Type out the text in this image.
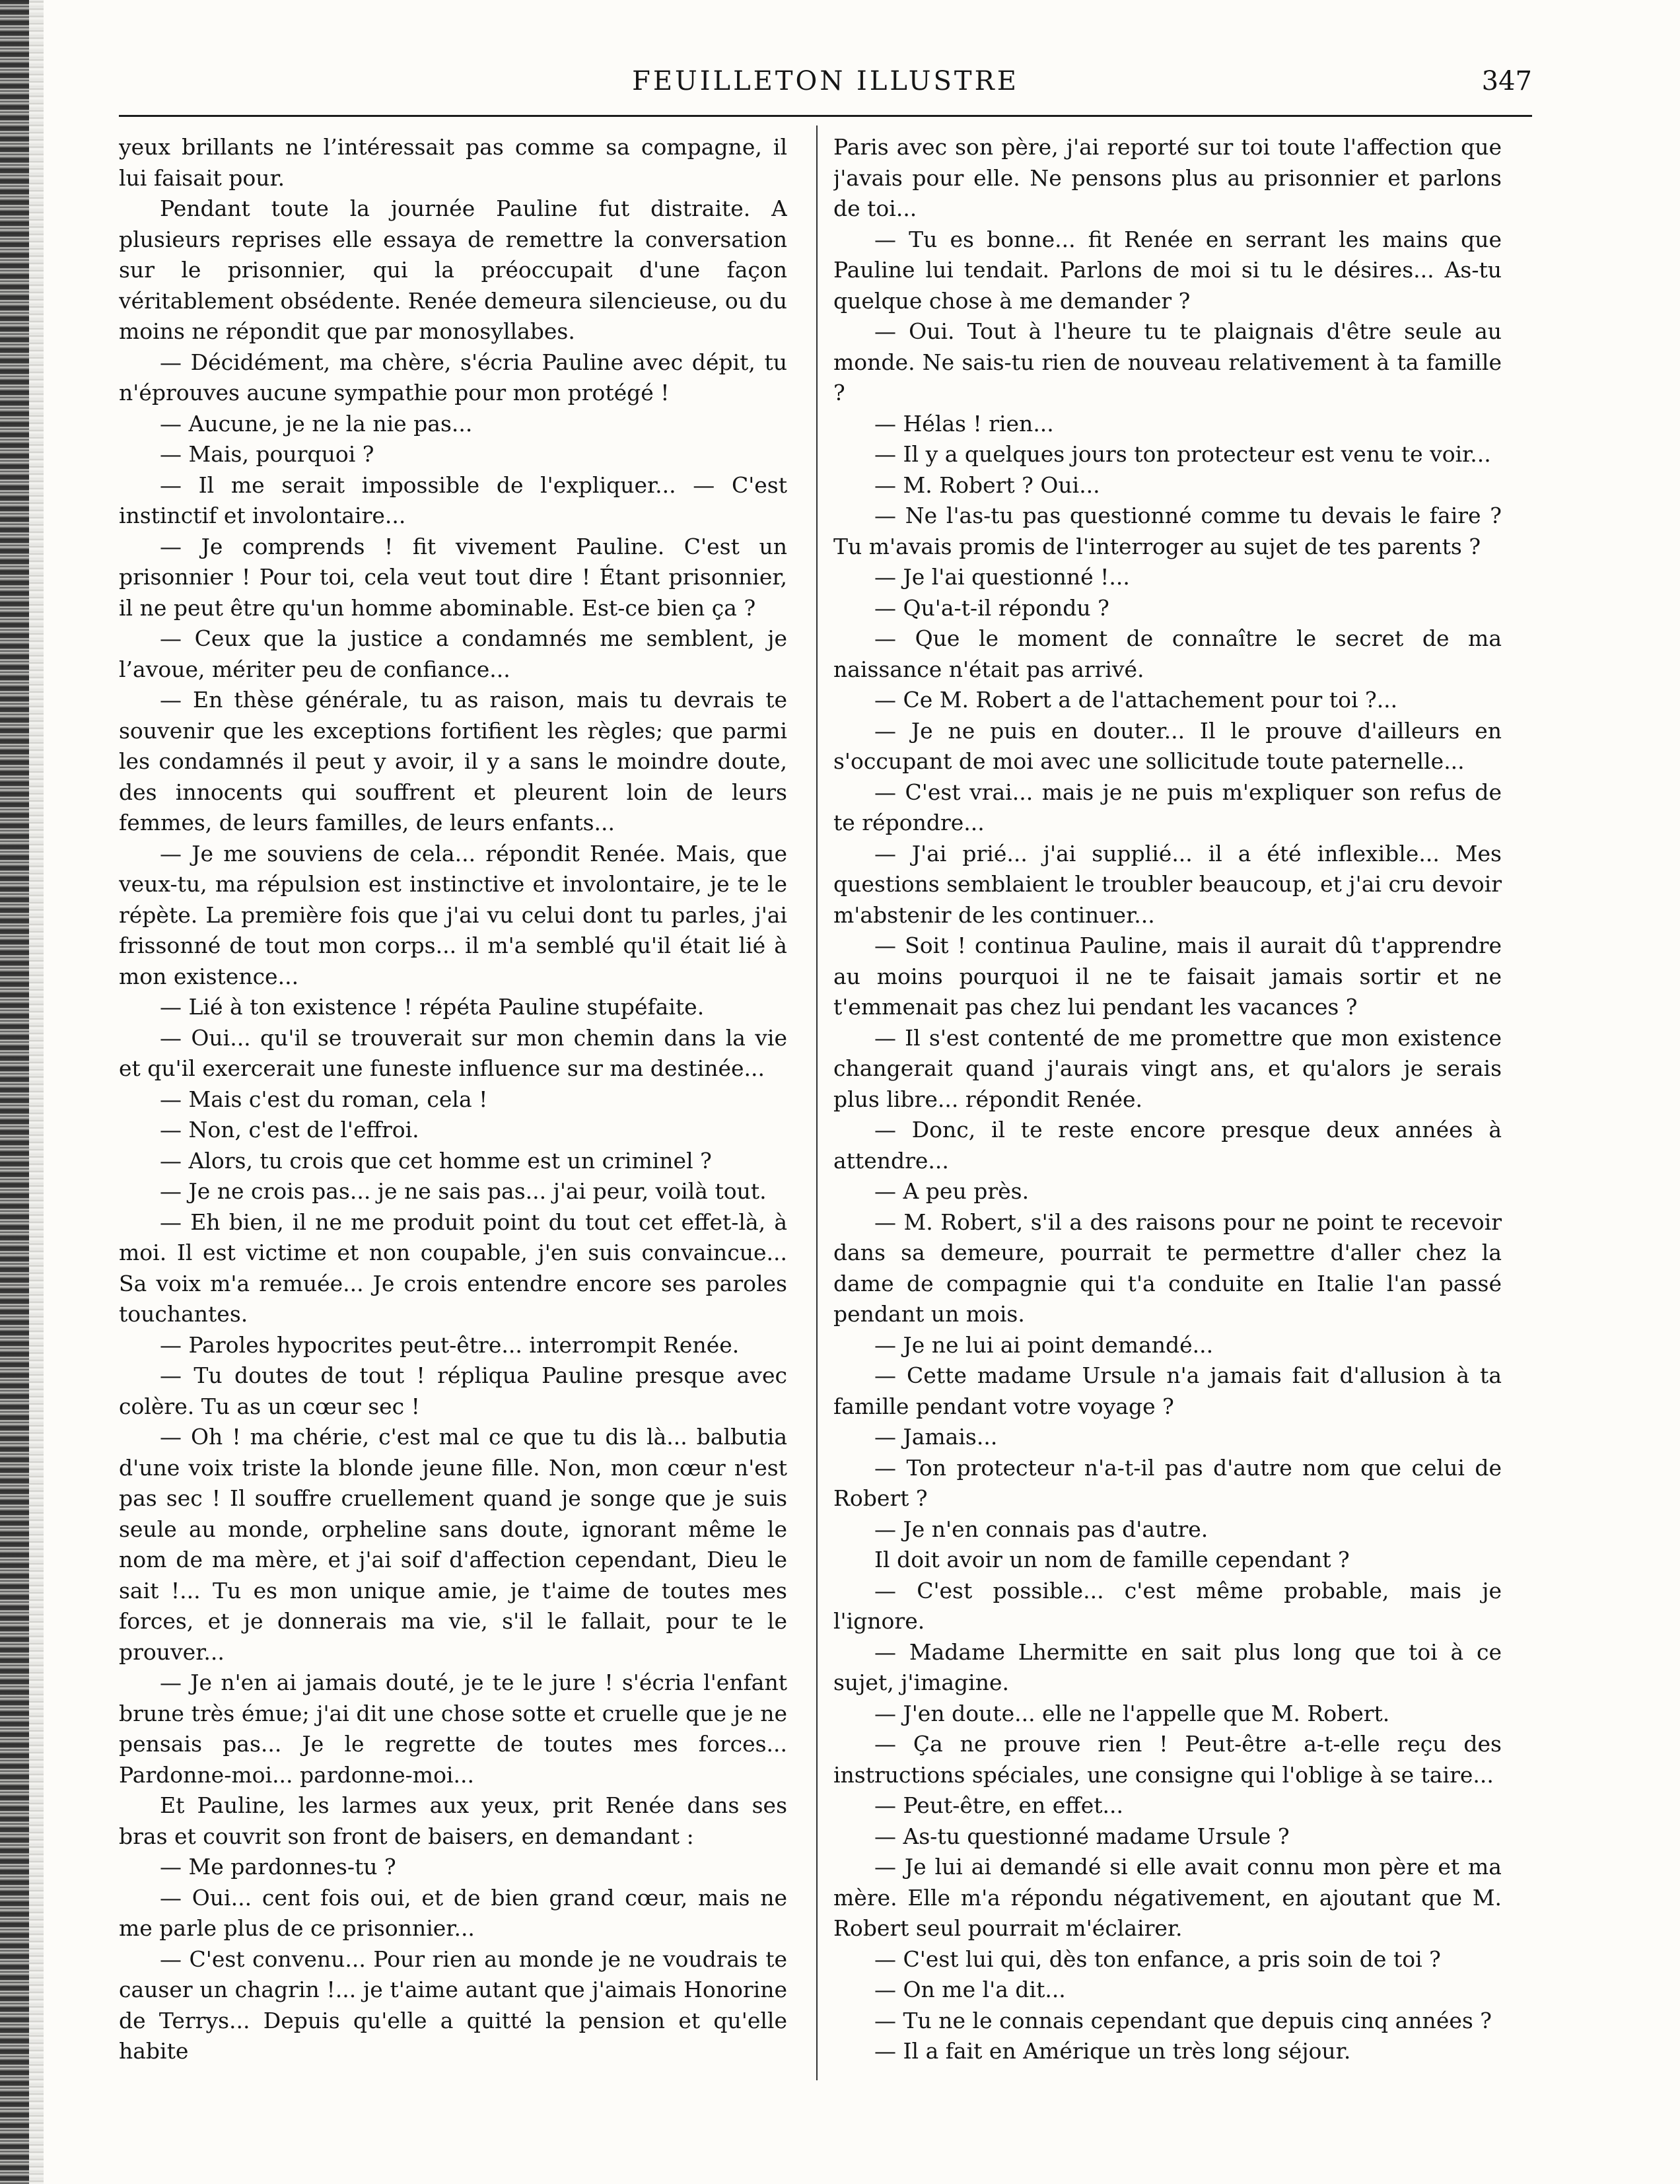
FEUILLETON ILLUSTRE	347

yeux brillants ne l’intéressait pas comme sa compagne, il lui faisait pour.

Pendant toute la journée Pauline fut distraite. A plusieurs reprises elle essaya de remettre la conversation sur le prisonnier, qui la préoccupait d'une façon véritablement obsédente. Renée demeura silencieuse, ou du moins ne répondit que par monosyllabes.

— Décidément, ma chère, s'écria Pauline avec dépit, tu n'éprouves aucune sympathie pour mon protégé !

— Aucune, je ne la nie pas...

— Mais, pourquoi ?

— Il me serait impossible de l'expliquer... — C'est instinctif et involontaire...

— Je comprends ! fit vivement Pauline. C'est un prisonnier ! Pour toi, cela veut tout dire ! Étant prisonnier, il ne peut être qu'un homme abominable. Est-ce bien ça ?

— Ceux que la justice a condamnés me semblent, je l’avoue, mériter peu de confiance...

— En thèse générale, tu as raison, mais tu devrais te souvenir que les exceptions fortifient les règles; que parmi les condamnés il peut y avoir, il y a sans le moindre doute, des innocents qui souffrent et pleurent loin de leurs femmes, de leurs familles, de leurs enfants...

— Je me souviens de cela... répondit Renée. Mais, que veux-tu, ma répulsion est instinctive et involontaire, je te le répète. La première fois que j'ai vu celui dont tu parles, j'ai frissonné de tout mon corps... il m'a semblé qu'il était lié à mon existence...

— Lié à ton existence ! répéta Pauline stupéfaite.

— Oui... qu'il se trouverait sur mon chemin dans la vie et qu'il exercerait une funeste influence sur ma destinée...

— Mais c'est du roman, cela !

— Non, c'est de l'effroi.

— Alors, tu crois que cet homme est un criminel ?

— Je ne crois pas... je ne sais pas... j'ai peur, voilà tout.

— Eh bien, il ne me produit point du tout cet effet-là, à moi. Il est victime et non coupable, j'en suis convaincue... Sa voix m'a remuée... Je crois entendre encore ses paroles touchantes.

— Paroles hypocrites peut-être... interrompit Renée.

— Tu doutes de tout ! répliqua Pauline presque avec colère. Tu as un cœur sec !

— Oh ! ma chérie, c'est mal ce que tu dis là... balbutia d'une voix triste la blonde jeune fille. Non, mon cœur n'est pas sec ! Il souffre cruellement quand je songe que je suis seule au monde, orpheline sans doute, ignorant même le nom de ma mère, et j'ai soif d'affection cependant, Dieu le sait !... Tu es mon unique amie, je t'aime de toutes mes forces, et je donnerais ma vie, s'il le fallait, pour te le prouver...

— Je n'en ai jamais douté, je te le jure ! s'écria l'enfant brune très émue; j'ai dit une chose sotte et cruelle que je ne pensais pas... Je le regrette de toutes mes forces... Pardonne-moi... pardonne-moi...

Et Pauline, les larmes aux yeux, prit Renée dans ses bras et couvrit son front de baisers, en demandant :

— Me pardonnes-tu ?

— Oui... cent fois oui, et de bien grand cœur, mais ne me parle plus de ce prisonnier...

— C'est convenu... Pour rien au monde je ne voudrais te causer un chagrin !... je t'aime autant que j'aimais Honorine de Terrys... Depuis qu'elle a quitté la pension et qu'elle habite

Paris avec son père, j'ai reporté sur toi toute l'affection que j'avais pour elle. Ne pensons plus au prisonnier et parlons de toi...

— Tu es bonne... fit Renée en serrant les mains que Pauline lui tendait. Parlons de moi si tu le désires... As-tu quelque chose à me demander ?

— Oui. Tout à l'heure tu te plaignais d'être seule au monde. Ne sais-tu rien de nouveau relativement à ta famille ?

— Hélas ! rien...

— Il y a quelques jours ton protecteur est venu te voir...

— M. Robert ? Oui...

— Ne l'as-tu pas questionné comme tu devais le faire ? Tu m'avais promis de l'interroger au sujet de tes parents ?

— Je l'ai questionné !...

— Qu'a-t-il répondu ?

— Que le moment de connaître le secret de ma naissance n'était pas arrivé.

— Ce M. Robert a de l'attachement pour toi ?...

— Je ne puis en douter... Il le prouve d'ailleurs en s'occupant de moi avec une sollicitude toute paternelle...

— C'est vrai... mais je ne puis m'expliquer son refus de te répondre...

— J'ai prié... j'ai supplié... il a été inflexible... Mes questions semblaient le troubler beaucoup, et j'ai cru devoir m'abstenir de les continuer...

— Soit ! continua Pauline, mais il aurait dû t'apprendre au moins pourquoi il ne te faisait jamais sortir et ne t'emmenait pas chez lui pendant les vacances ?

— Il s'est contenté de me promettre que mon existence changerait quand j'aurais vingt ans, et qu'alors je serais plus libre... répondit Renée.

— Donc, il te reste encore presque deux années à attendre...

— A peu près.

— M. Robert, s'il a des raisons pour ne point te recevoir dans sa demeure, pourrait te permettre d'aller chez la dame de compagnie qui t'a conduite en Italie l'an passé pendant un mois.

— Je ne lui ai point demandé...

— Cette madame Ursule n'a jamais fait d'allusion à ta famille pendant votre voyage ?

— Jamais...

— Ton protecteur n'a-t-il pas d'autre nom que celui de Robert ?

— Je n'en connais pas d'autre.

Il doit avoir un nom de famille cependant ?

— C'est possible... c'est même probable, mais je l'ignore.

— Madame Lhermitte en sait plus long que toi à ce sujet, j'imagine.

— J'en doute... elle ne l'appelle que M. Robert.

— Ça ne prouve rien ! Peut-être a-t-elle reçu des instructions spéciales, une consigne qui l'oblige à se taire...

— Peut-être, en effet...

— As-tu questionné madame Ursule ?

— Je lui ai demandé si elle avait connu mon père et ma mère. Elle m'a répondu négativement, en ajoutant que M. Robert seul pourrait m'éclairer.

— C'est lui qui, dès ton enfance, a pris soin de toi ?

— On me l'a dit...

— Tu ne le connais cependant que depuis cinq années ?

— Il a fait en Amérique un très long séjour.
